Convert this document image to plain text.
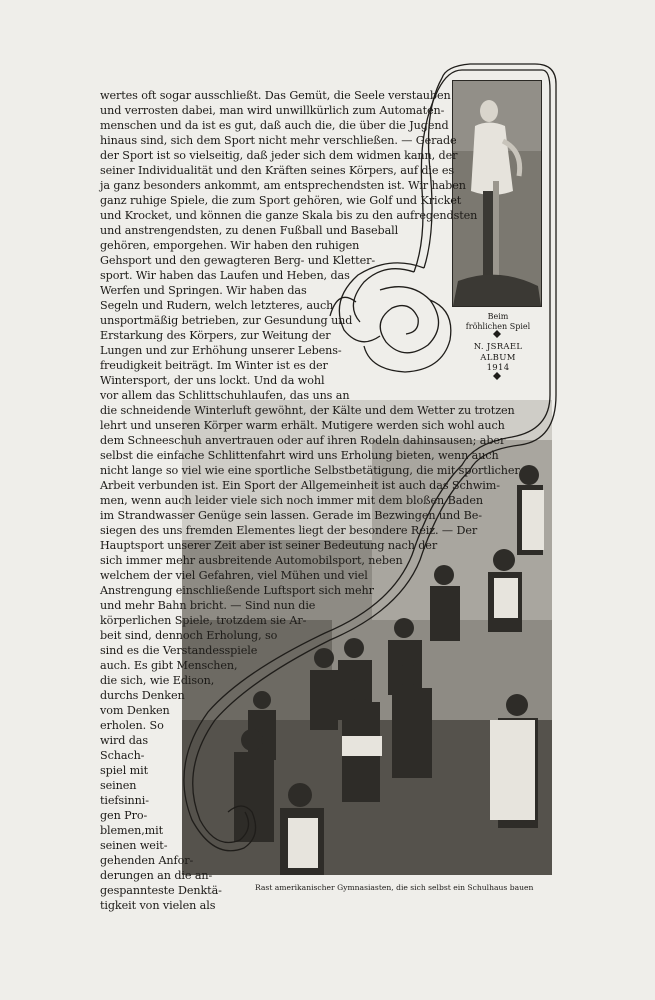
Beim
fröhlichen Spiel
N. JSRAEL
ALBUM
1914
Rast amerikanischer Gymnasiasten, die sich selbst ein Schulhaus bauen
wertes oft sogar ausschließt. Das Gemüt, die Seele verstauben
und verrosten dabei, man wird unwillkürlich zum Automaten-
menschen und da ist es gut, daß auch die, die über die Jugend
hinaus sind, sich dem Sport nicht mehr verschließen. — Gerade
der Sport ist so vielseitig, daß jeder sich dem widmen kann, der
seiner Individualität und den Kräften seines Körpers, auf die es
ja ganz besonders ankommt, am entsprechendsten ist. Wir haben
ganz ruhige Spiele, die zum Sport gehören, wie Golf und Kricket
und Krocket, und können die ganze Skala bis zu den aufregendsten
und anstrengendsten, zu denen Fußball und Baseball
gehören, emporgehen. Wir haben den ruhigen
Gehsport und den gewagteren Berg- und Kletter-
sport. Wir haben das Laufen und Heben, das
Werfen und Springen. Wir haben das
Segeln und Rudern, welch letzteres, auch
unsportmäßig betrieben, zur Gesundung und
Erstarkung des Körpers, zur Weitung der
Lungen und zur Erhöhung unserer Lebens-
freudigkeit beiträgt. Im Winter ist es der
Wintersport, der uns lockt. Und da wohl
vor allem das Schlittschuhlaufen, das uns an
die schneidende Winterluft gewöhnt, der Kälte und dem Wetter zu trotzen
lehrt und unseren Körper warm erhält. Mutigere werden sich wohl auch
dem Schneeschuh anvertrauen oder auf ihren Rodeln dahinsausen; aber
selbst die einfache Schlittenfahrt wird uns Erholung bieten, wenn auch
nicht lange so viel wie eine sportliche Selbstbetätigung, die mit sportlicher
Arbeit verbunden ist. Ein Sport der Allgemeinheit ist auch das Schwim-
men, wenn auch leider viele sich noch immer mit dem bloßen Baden
im Strandwasser Genüge sein lassen. Gerade im Bezwingen und Be-
siegen des uns fremden Elementes liegt der besondere Reiz. — Der
Hauptsport unserer Zeit aber ist seiner Bedeutung nach der
sich immer mehr ausbreitende Automobilsport, neben
welchem der viel Gefahren, viel Mühen und viel
Anstrengung einschließende Luftsport sich mehr
und mehr Bahn bricht. — Sind nun die
körperlichen Spiele, trotzdem sie Ar-
beit sind, dennoch Erholung, so
sind es die Verstandesspiele
auch. Es gibt Menschen,
die sich, wie Edison,
durchs Denken
vom Denken
erholen. So
wird das
Schach-
spiel mit
seinen
tiefsinni-
gen Pro-
blemen,mit
seinen weit-
gehenden Anfor-
derungen an die an-
gespannteste Denktä-
tigkeit von vielen als
